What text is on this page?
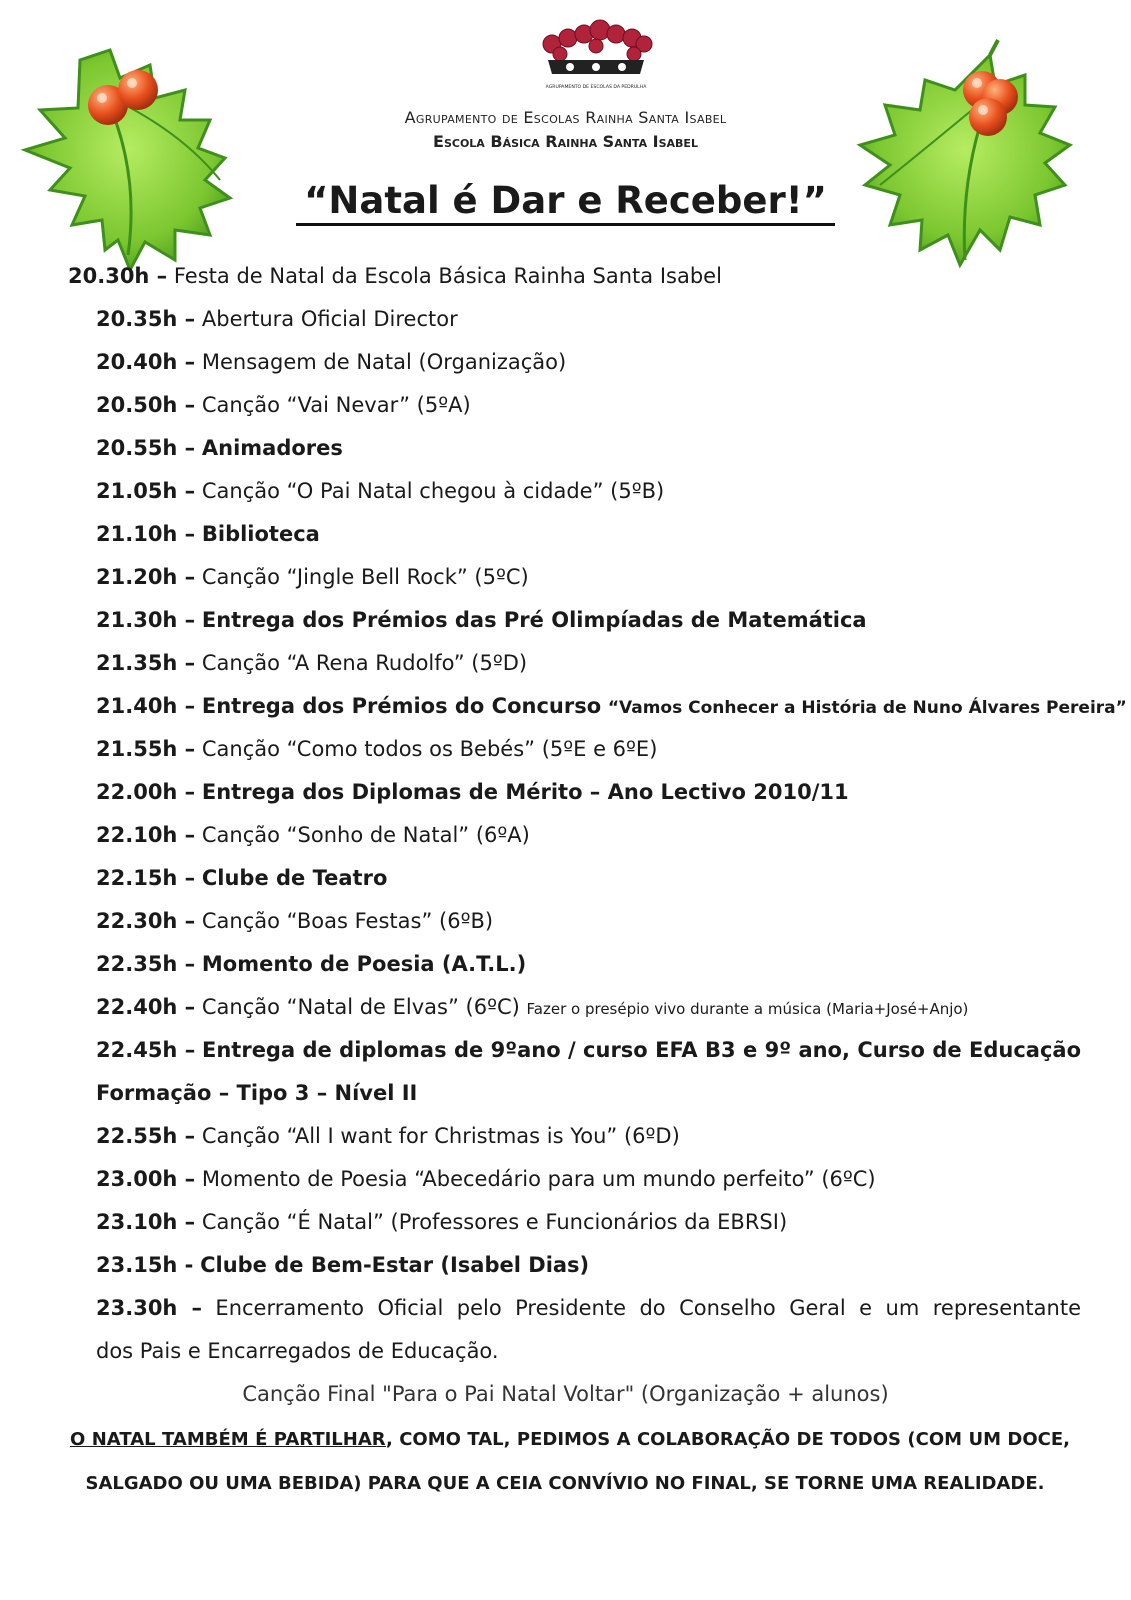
AGRUPAMENTO DE ESCOLAS DA PEDRULHA
Agrupamento de Escolas Rainha Santa Isabel
Escola Básica Rainha Santa Isabel
“Natal é Dar e Receber!”
20.30h – Festa de Natal da Escola Básica Rainha Santa Isabel
20.35h – Abertura Oficial Director
20.40h – Mensagem de Natal (Organização)
20.50h – Canção “Vai Nevar” (5ºA)
20.55h – Animadores
21.05h – Canção “O Pai Natal chegou à cidade” (5ºB)
21.10h – Biblioteca
21.20h – Canção “Jingle Bell Rock” (5ºC)
21.30h – Entrega dos Prémios das Pré Olimpíadas de Matemática
21.35h – Canção “A Rena Rudolfo” (5ºD)
21.40h – Entrega dos Prémios do Concurso “Vamos Conhecer a História de Nuno Álvares Pereira”
21.55h – Canção “Como todos os Bebés” (5ºE e 6ºE)
22.00h – Entrega dos Diplomas de Mérito – Ano Lectivo 2010/11
22.10h – Canção “Sonho de Natal” (6ºA)
22.15h – Clube de Teatro
22.30h – Canção “Boas Festas” (6ºB)
22.35h – Momento de Poesia (A.T.L.)
22.40h – Canção “Natal de Elvas” (6ºC) Fazer o presépio vivo durante a música (Maria+José+Anjo)
22.45h – Entrega de diplomas de 9ºano / curso EFA B3 e 9º ano, Curso de Educação
Formação – Tipo 3 – Nível II
22.55h – Canção “All I want for Christmas is You” (6ºD)
23.00h – Momento de Poesia “Abecedário para um mundo perfeito” (6ºC)
23.10h – Canção “É Natal” (Professores e Funcionários da EBRSI)
23.15h - Clube de Bem-Estar (Isabel Dias)
23.30h – Encerramento Oficial pelo Presidente do Conselho Geral e um representante
dos Pais e Encarregados de Educação.
Canção Final "Para o Pai Natal Voltar" (Organização + alunos)
O NATAL TAMBÉM É PARTILHAR, COMO TAL, PEDIMOS A COLABORAÇÃO DE TODOS (COM UM DOCE,
SALGADO OU UMA BEBIDA) PARA QUE A CEIA CONVÍVIO NO FINAL, SE TORNE UMA REALIDADE.
